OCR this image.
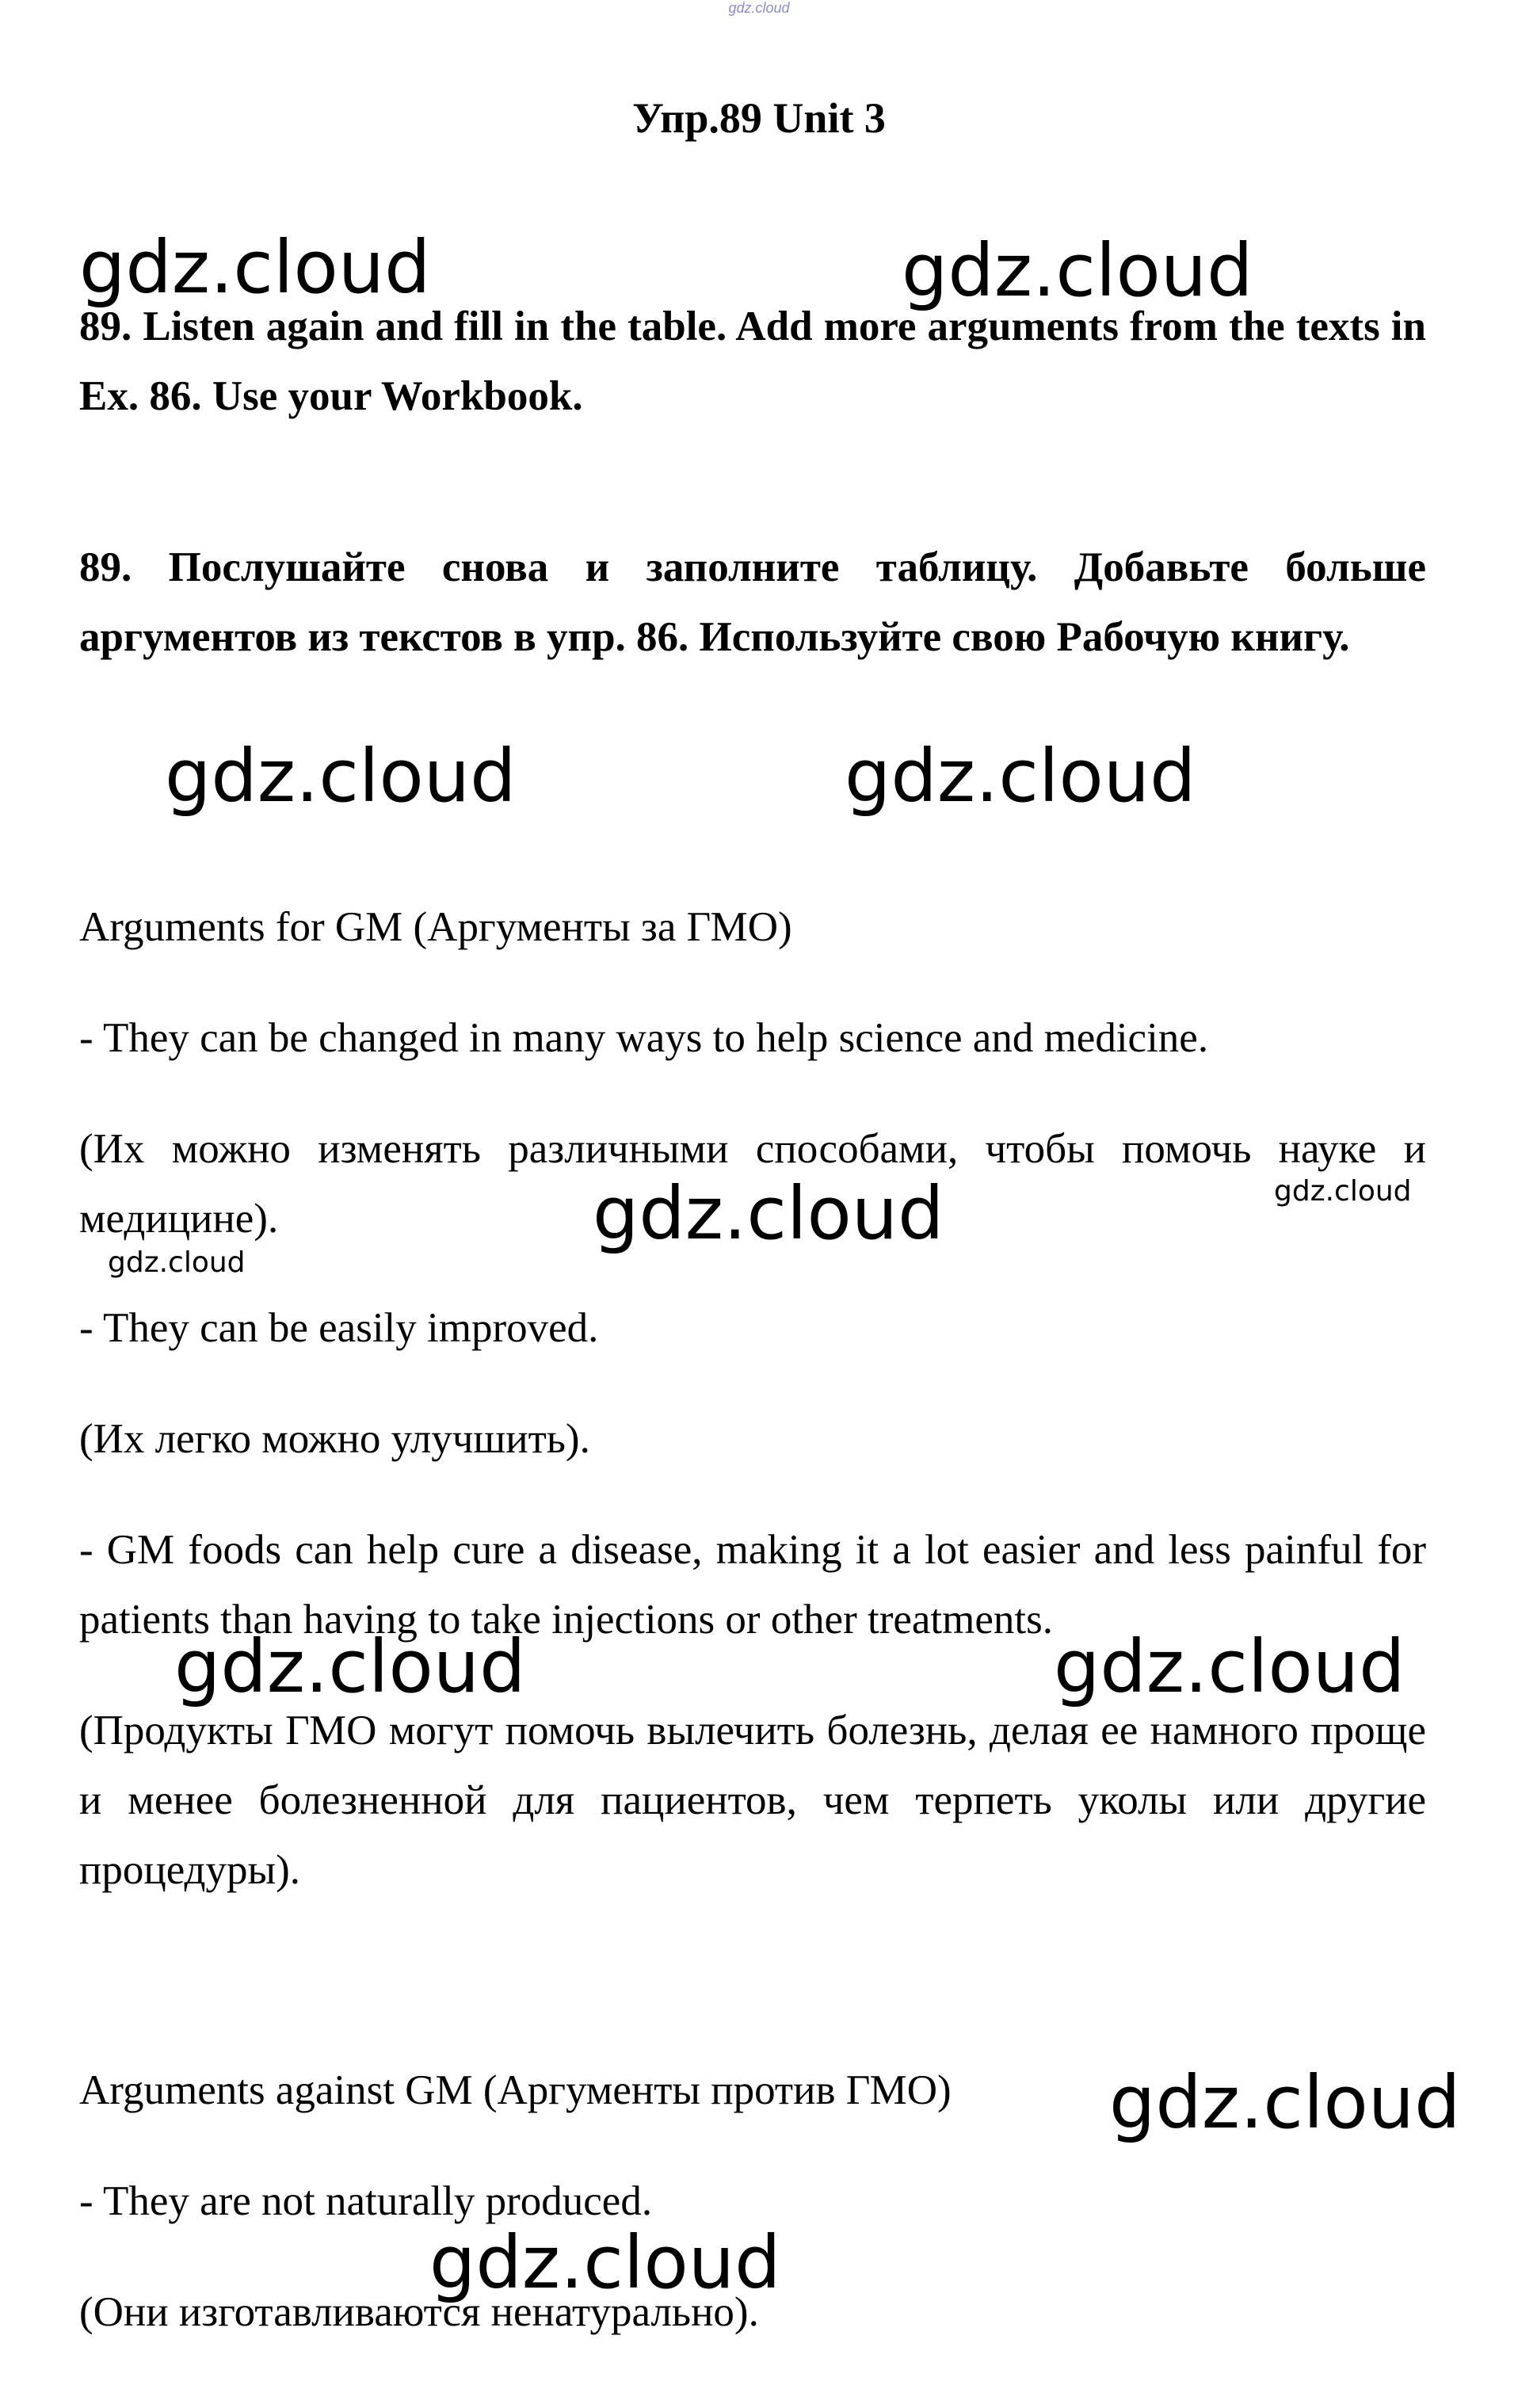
gdz.cloud
Упр.89 Unit 3
89. Listen again and fill in the table. Add more arguments from the texts in Ex. 86. Use your Workbook.
89. Послушайте снова и заполните таблицу. Добавьте больше аргументов из текстов в упр. 86. Используйте свою Рабочую книгу.
Arguments for GM (Аргументы за ГМО)
- They can be changed in many ways to help science and medicine.
(Их можно изменять различными способами, чтобы помочь науке и медицине).
- They can be easily improved.
(Их легко можно улучшить).
- GM foods can help cure a disease, making it a lot easier and less painful for patients than having to take injections or other treatments.
(Продукты ГМО могут помочь вылечить болезнь, делая ее намного проще и менее болезненной для пациентов, чем терпеть уколы или другие процедуры).
Arguments against GM (Аргументы против ГМО)
- They are not naturally produced.
(Они изготавливаются ненатурально).
gdz.cloud	gdz.cloud
gdz.cloud	gdz.cloud
gdz.cloud	gdz.cloud
gdz.cloud
gdz.cloud	gdz.cloud
gdz.cloud
gdz.cloud
